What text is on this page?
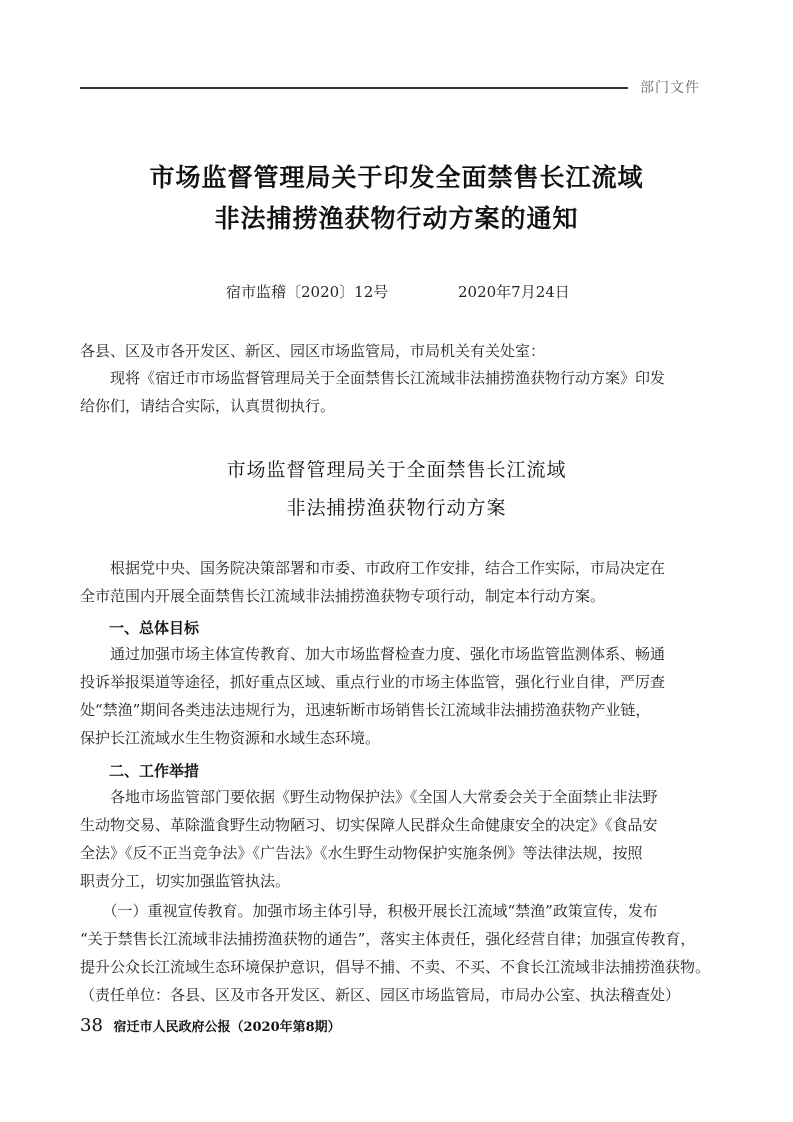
部门文件
市场监督管理局关于印发全面禁售长江流域
非法捕捞渔获物行动方案的通知
宿市监稽〔2020〕12号	2020年7月24日
各县、区及市各开发区、新区、园区市场监管局，市局机关有关处室：
　　现将《宿迁市市场监督管理局关于全面禁售长江流域非法捕捞渔获物行动方案》印发
给你们，请结合实际，认真贯彻执行。
市场监督管理局关于全面禁售长江流域
非法捕捞渔获物行动方案
　　根据党中央、国务院决策部署和市委、市政府工作安排，结合工作实际，市局决定在
全市范围内开展全面禁售长江流域非法捕捞渔获物专项行动，制定本行动方案。
一、总体目标
　　通过加强市场主体宣传教育、加大市场监督检查力度、强化市场监管监测体系、畅通
投诉举报渠道等途径，抓好重点区域、重点行业的市场主体监管，强化行业自律，严厉查
处“禁渔”期间各类违法违规行为，迅速斩断市场销售长江流域非法捕捞渔获物产业链，
保护长江流域水生生物资源和水域生态环境。
二、工作举措
　　各地市场监管部门要依据《野生动物保护法》《全国人大常委会关于全面禁止非法野
生动物交易、革除滥食野生动物陋习、切实保障人民群众生命健康安全的决定》《食品安
全法》《反不正当竞争法》《广告法》《水生野生动物保护实施条例》等法律法规，按照
职责分工，切实加强监管执法。
　　（一）重视宣传教育。加强市场主体引导，积极开展长江流域“禁渔”政策宣传，发布
“关于禁售长江流域非法捕捞渔获物的通告”，落实主体责任，强化经营自律；加强宣传教育，
提升公众长江流域生态环境保护意识，倡导不捕、不卖、不买、不食长江流域非法捕捞渔获物。
（责任单位：各县、区及市各开发区、新区、园区市场监管局，市局办公室、执法稽查处）
38 宿迁市人民政府公报（2020年第8期）
